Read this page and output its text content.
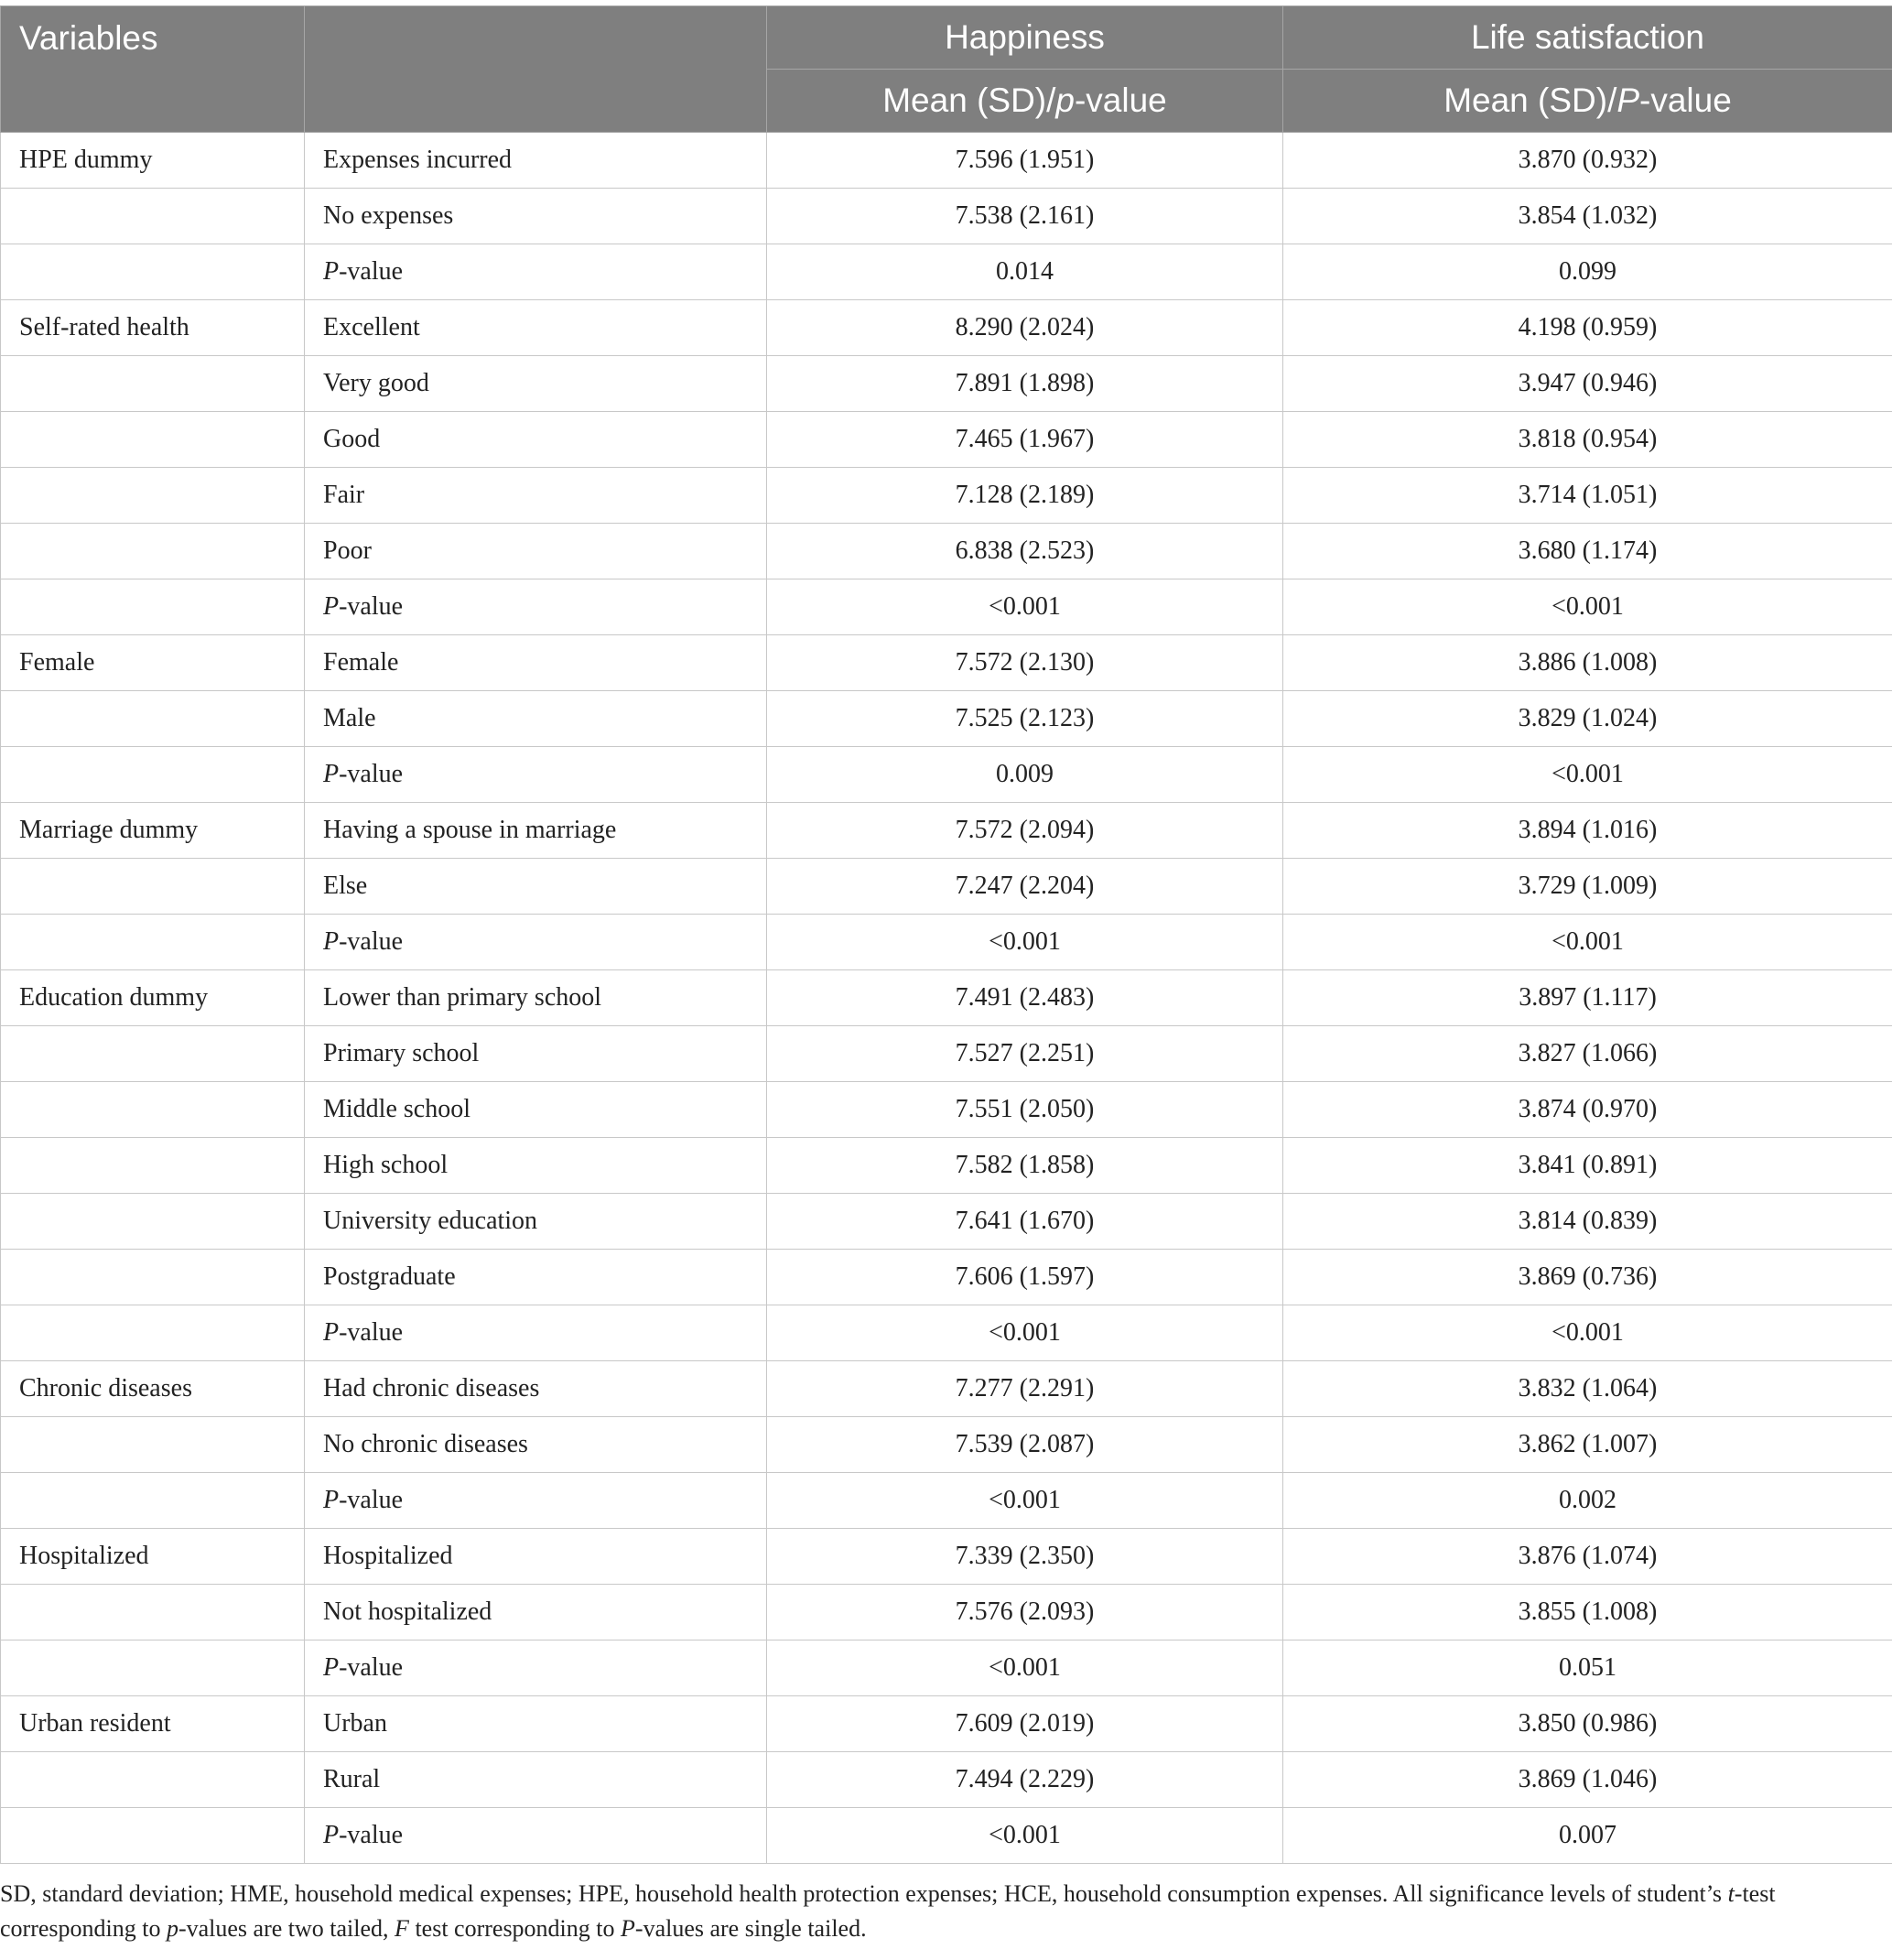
Variables		Happiness	Life satisfaction
		Mean (SD)/p-value	Mean (SD)/P-value
HPE dummy	Expenses incurred	7.596 (1.951)	3.870 (0.932)
	No expenses	7.538 (2.161)	3.854 (1.032)
	P-value	0.014	0.099
Self-rated health	Excellent	8.290 (2.024)	4.198 (0.959)
	Very good	7.891 (1.898)	3.947 (0.946)
	Good	7.465 (1.967)	3.818 (0.954)
	Fair	7.128 (2.189)	3.714 (1.051)
	Poor	6.838 (2.523)	3.680 (1.174)
	P-value	<0.001	<0.001
Female	Female	7.572 (2.130)	3.886 (1.008)
	Male	7.525 (2.123)	3.829 (1.024)
	P-value	0.009	<0.001
Marriage dummy	Having a spouse in marriage	7.572 (2.094)	3.894 (1.016)
	Else	7.247 (2.204)	3.729 (1.009)
	P-value	<0.001	<0.001
Education dummy	Lower than primary school	7.491 (2.483)	3.897 (1.117)
	Primary school	7.527 (2.251)	3.827 (1.066)
	Middle school	7.551 (2.050)	3.874 (0.970)
	High school	7.582 (1.858)	3.841 (0.891)
	University education	7.641 (1.670)	3.814 (0.839)
	Postgraduate	7.606 (1.597)	3.869 (0.736)
	P-value	<0.001	<0.001
Chronic diseases	Had chronic diseases	7.277 (2.291)	3.832 (1.064)
	No chronic diseases	7.539 (2.087)	3.862 (1.007)
	P-value	<0.001	0.002
Hospitalized	Hospitalized	7.339 (2.350)	3.876 (1.074)
	Not hospitalized	7.576 (2.093)	3.855 (1.008)
	P-value	<0.001	0.051
Urban resident	Urban	7.609 (2.019)	3.850 (0.986)
	Rural	7.494 (2.229)	3.869 (1.046)
	P-value	<0.001	0.007

SD, standard deviation; HME, household medical expenses; HPE, household health protection expenses; HCE, household consumption expenses. All significance levels of student’s t-test corresponding to p-values are two tailed, F test corresponding to P-values are single tailed.
